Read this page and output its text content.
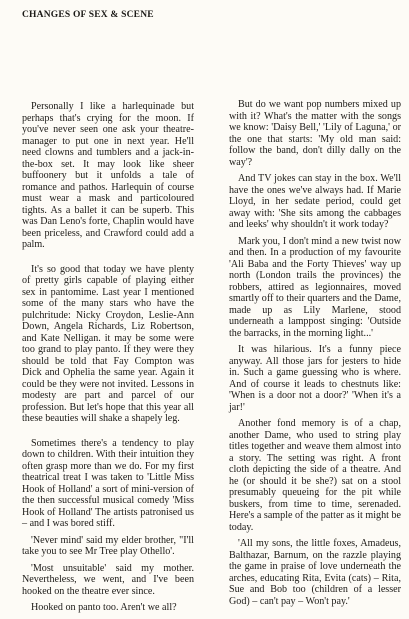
CHANGES OF SEX & SCENE

Personally I like a harlequinade but perhaps that's crying for the moon. If you've never seen one ask your theatre-manager to put one in next year. He'll need clowns and tumblers and a jack-in-the-box set. It may look like sheer buffoonery but it unfolds a tale of romance and pathos. Harlequin of course must wear a mask and particoloured tights. As a ballet it can be superb. This was Dan Leno's forte, Chaplin would have been priceless, and Crawford could add a palm.

It's so good that today we have plenty of pretty girls capable of playing either sex in pantomime. Last year I mentioned some of the many stars who have the pulchritude: Nicky Croydon, Leslie-Ann Down, Angela Richards, Liz Robertson, and Kate Nelligan. it may be some were too grand to play panto. If they were they should be told that Fay Compton was Dick and Ophelia the same year. Again it could be they were not invited. Lessons in modesty are part and parcel of our profession. But let's hope that this year all these beauties will shake a shapely leg.

Sometimes there's a tendency to play down to children. With their intuition they often grasp more than we do. For my first theatrical treat I was taken to 'Little Miss Hook of Holland' a sort of mini-version of the then successful musical comedy 'Miss Hook of Holland' The artists patronised us – and I was bored stiff.

'Never mind' said my elder brother, "I'll take you to see Mr Tree play Othello'.

'Most unsuitable' said my mother. Nevertheless, we went, and I've been hooked on the theatre ever since.

Hooked on panto too. Aren't we all?

But do we want pop numbers mixed up with it? What's the matter with the songs we know: 'Daisy Bell,' 'Lily of Laguna,' or the one that starts: 'My old man said: follow the band, don't dilly dally on the way'?

And TV jokes can stay in the box. We'll have the ones we've always had. If Marie Lloyd, in her sedate period, could get away with: 'She sits among the cabbages and leeks' why shouldn't it work today?

Mark you, I don't mind a new twist now and then. In a production of my favourite 'Ali Baba and the Forty Thieves' way up north (London trails the provinces) the robbers, attired as legionnaires, moved smartly off to their quarters and the Dame, made up as Lily Marlene, stood underneath a lamppost singing: 'Outside the barracks, in the morning light...'

It was hilarious. It's a funny piece anyway. All those jars for jesters to hide in. Such a game guessing who is where. And of course it leads to chestnuts like: 'When is a door not a door?' 'When it's a jar!'

Another fond memory is of a chap, another Dame, who used to string play titles together and weave them almost into a story. The setting was right. A front cloth depicting the side of a theatre. And he (or should it be she?) sat on a stool presumably queueing for the pit while buskers, from time to time, serenaded. Here's a sample of the patter as it might be today.

'All my sons, the little foxes, Amadeus, Balthazar, Barnum, on the razzle playing the game in praise of love underneath the arches, educating Rita, Evita (cats) – Rita, Sue and Bob too (children of a lesser God) – can't pay – Won't pay.'
